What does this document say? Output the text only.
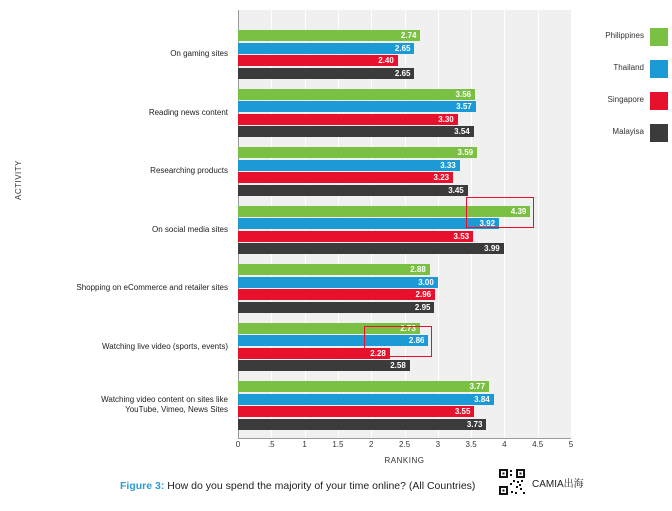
ACTIVITY
RANKING
0	.5	1	1.5	2	2.5	3	3.5	4	4.5	5
On gaming sites
2.74
2.65
2.40
2.65
Reading news content
3.56
3.57
3.30
3.54
Researching products
3.59
3.33
3.23
3.45
On social media sites
4.39
3.92
3.53
3.99
Shopping on eCommerce and retailer sites
2.88
3.00
2.96
2.95
Watching live video (sports, events)
2.73
2.86
2.28
2.58
Watching video content on sites like
YouTube, Vimeo, News Sites
3.77
3.84
3.55
3.73
Philippines
Thailand
Singapore
Malayisa
Figure 3: How do you spend the majority of your time online? (All Countries)	CAMIA出海
